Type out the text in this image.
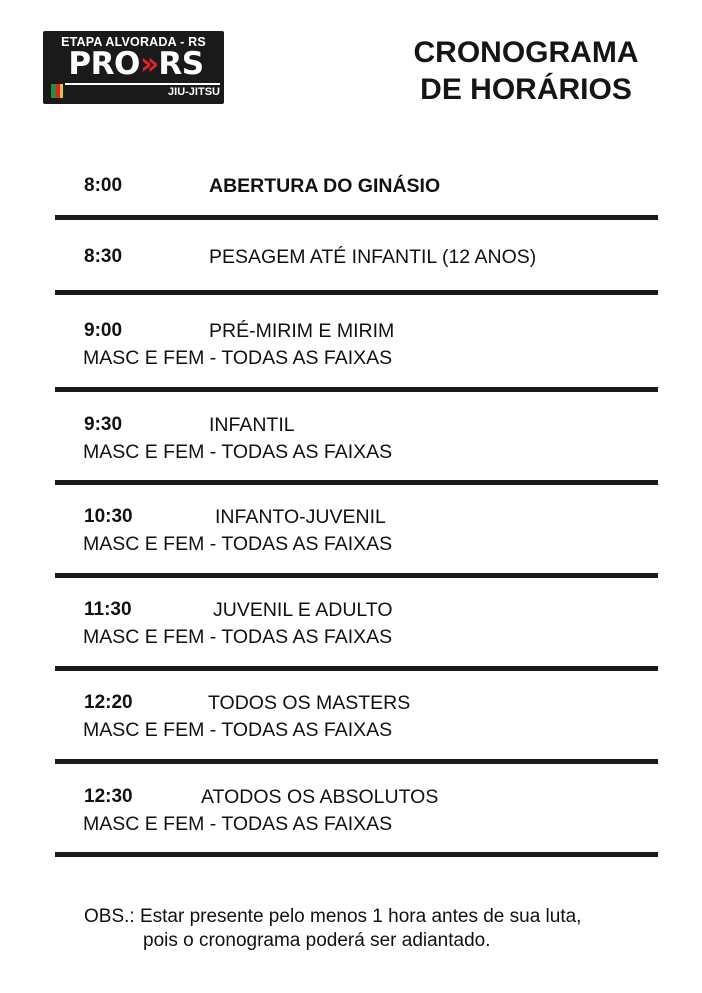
ETAPA ALVORADA - RS
PRO›› RS
JIU-JITSU
CRONOGRAMA
DE HORÁRIOS
8:00	ABERTURA DO GINÁSIO
8:30	PESAGEM ATÉ INFANTIL (12 ANOS)
9:00	PRÉ-MIRIM E MIRIM
MASC E FEM - TODAS AS FAIXAS
9:30	INFANTIL
MASC E FEM - TODAS AS FAIXAS
10:30	INFANTO-JUVENIL
MASC E FEM - TODAS AS FAIXAS
11:30	JUVENIL E ADULTO
MASC E FEM - TODAS AS FAIXAS
12:20	TODOS OS MASTERS
MASC E FEM - TODAS AS FAIXAS
12:30	ATODOS OS ABSOLUTOS
MASC E FEM - TODAS AS FAIXAS
OBS.: Estar presente pelo menos 1 hora antes de sua luta,
pois o cronograma poderá ser adiantado.
